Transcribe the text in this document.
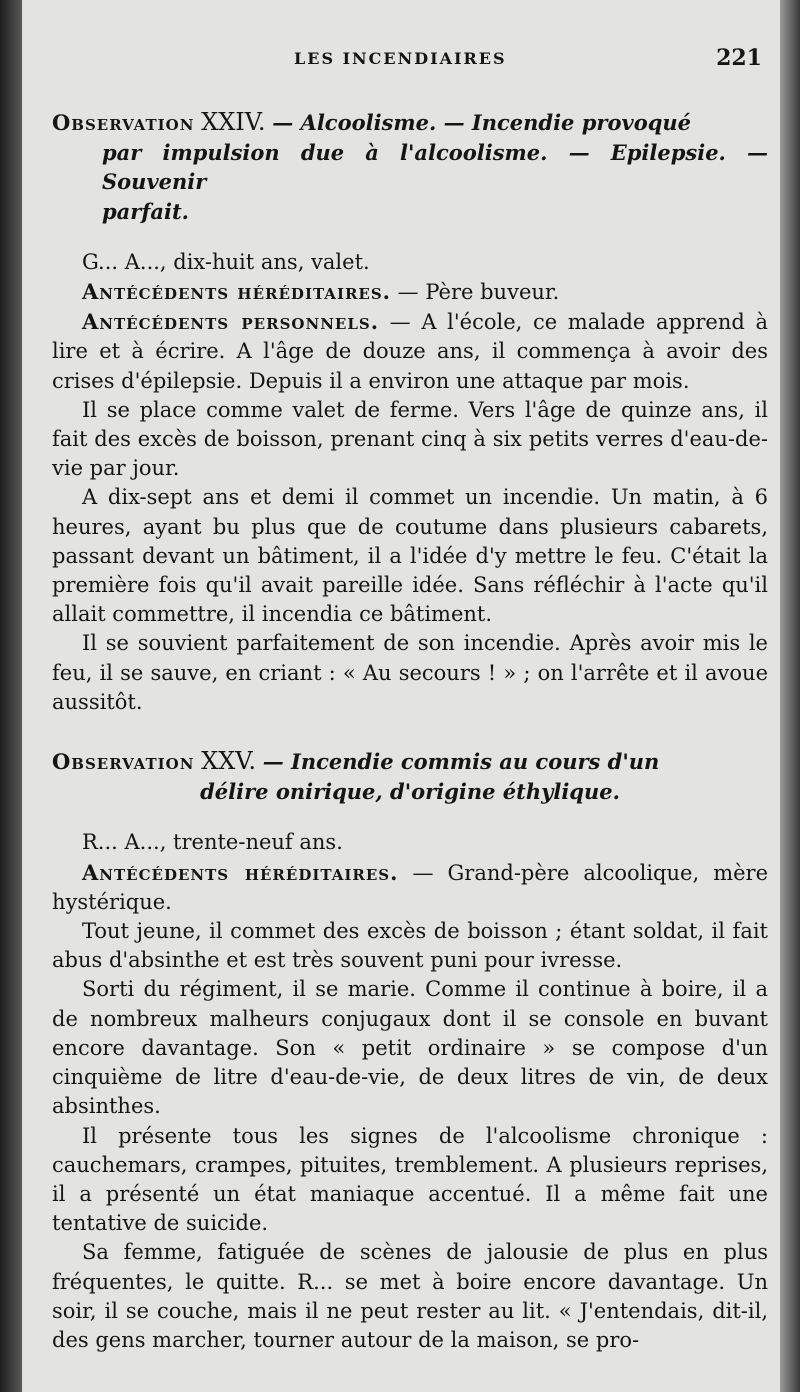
LES INCENDIAIRES	221

Observation XXIV. — Alcoolisme. — Incendie provoqué

par impulsion due à l'alcoolisme. — Epilepsie. — Souvenir

parfait.

G... A..., dix-huit ans, valet.

Antécédents héréditaires. — Père buveur.

Antécédents personnels. — A l'école, ce malade apprend à lire et à écrire. A l'âge de douze ans, il commença à avoir des crises d'épilepsie. Depuis il a environ une attaque par mois.

Il se place comme valet de ferme. Vers l'âge de quinze ans, il fait des excès de boisson, prenant cinq à six petits verres d'eau-de-vie par jour.

A dix-sept ans et demi il commet un incendie. Un matin, à 6 heures, ayant bu plus que de coutume dans plusieurs cabarets, passant devant un bâtiment, il a l'idée d'y mettre le feu. C'était la première fois qu'il avait pareille idée. Sans réfléchir à l'acte qu'il allait commettre, il incendia ce bâtiment.

Il se souvient parfaitement de son incendie. Après avoir mis le feu, il se sauve, en criant : « Au secours ! » ; on l'arrête et il avoue aussitôt.

Observation XXV. — Incendie commis au cours d'un

délire onirique, d'origine éthylique.

R... A..., trente-neuf ans.

Antécédents héréditaires. — Grand-père alcoolique, mère hystérique.

Tout jeune, il commet des excès de boisson ; étant soldat, il fait abus d'absinthe et est très souvent puni pour ivresse.

Sorti du régiment, il se marie. Comme il continue à boire, il a de nombreux malheurs conjugaux dont il se console en buvant encore davantage. Son « petit ordinaire » se compose d'un cinquième de litre d'eau-de-vie, de deux litres de vin, de deux absinthes.

Il présente tous les signes de l'alcoolisme chronique : cauchemars, crampes, pituites, tremblement. A plusieurs reprises, il a présenté un état maniaque accentué. Il a même fait une tentative de suicide.

Sa femme, fatiguée de scènes de jalousie de plus en plus fréquentes, le quitte. R... se met à boire encore davantage. Un soir, il se couche, mais il ne peut rester au lit. « J'entendais, dit-il, des gens marcher, tourner autour de la maison, se pro-
